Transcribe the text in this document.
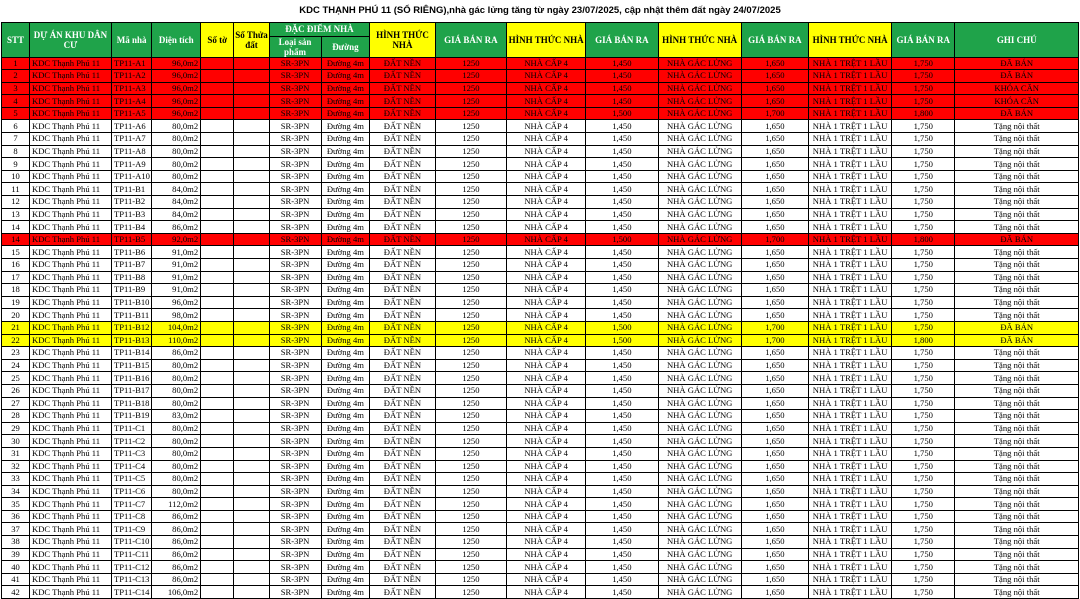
KDC THẠNH PHÚ 11 (SỔ RIÊNG),nhà gác lửng tăng từ ngày 23/07/2025, cập nhật thêm đất ngày 24/07/2025
STT	DỰ ÁN KHU DÂN CƯ	Mã nhà	Diện tích	Số tờ	Số Thửa đất	ĐẶC ĐIỂM NHÀ		HÌNH THỨC NHÀ	GIÁ BÁN RA	HÌNH THỨC NHÀ	GIÁ BÁN RA	HÌNH THỨC NHÀ	GIÁ BÁN RA	HÌNH THỨC NHÀ	GIÁ BÁN RA	GHI CHÚ
						Loại sản phẩm	Đường									
1	KDC Thạnh Phú 11	TP11-A1	96,0m2			SR-3PN	Đường 4m	ĐẤT NỀN	1250	NHÀ CẤP 4	1,450	NHÀ GÁC LỬNG	1,650	NHÀ 1 TRỆT 1 LẦU	1,750	ĐÃ BÁN
2	KDC Thạnh Phú 11	TP11-A2	96,0m2			SR-3PN	Đường 4m	ĐẤT NỀN	1250	NHÀ CẤP 4	1,450	NHÀ GÁC LỬNG	1,650	NHÀ 1 TRỆT 1 LẦU	1,750	ĐÃ BÁN
3	KDC Thạnh Phú 11	TP11-A3	96,0m2			SR-3PN	Đường 4m	ĐẤT NỀN	1250	NHÀ CẤP 4	1,450	NHÀ GÁC LỬNG	1,650	NHÀ 1 TRỆT 1 LẦU	1,750	KHÓA CĂN
4	KDC Thạnh Phú 11	TP11-A4	96,0m2			SR-3PN	Đường 4m	ĐẤT NỀN	1250	NHÀ CẤP 4	1,450	NHÀ GÁC LỬNG	1,650	NHÀ 1 TRỆT 1 LẦU	1,750	KHÓA CĂN
5	KDC Thạnh Phú 11	TP11-A5	96,0m2			SR-3PN	Đường 4m	ĐẤT NỀN	1250	NHÀ CẤP 4	1,500	NHÀ GÁC LỬNG	1,700	NHÀ 1 TRỆT 1 LẦU	1,800	ĐÃ BÁN
6	KDC Thạnh Phú 11	TP11-A6	80,0m2			SR-3PN	Đường 4m	ĐẤT NỀN	1250	NHÀ CẤP 4	1,450	NHÀ GÁC LỬNG	1,650	NHÀ 1 TRỆT 1 LẦU	1,750	Tặng nội thất
7	KDC Thạnh Phú 11	TP11-A7	80,0m2			SR-3PN	Đường 4m	ĐẤT NỀN	1250	NHÀ CẤP 4	1,450	NHÀ GÁC LỬNG	1,650	NHÀ 1 TRỆT 1 LẦU	1,750	Tặng nội thất
8	KDC Thạnh Phú 11	TP11-A8	80,0m2			SR-3PN	Đường 4m	ĐẤT NỀN	1250	NHÀ CẤP 4	1,450	NHÀ GÁC LỬNG	1,650	NHÀ 1 TRỆT 1 LẦU	1,750	Tặng nội thất
9	KDC Thạnh Phú 11	TP11-A9	80,0m2			SR-3PN	Đường 4m	ĐẤT NỀN	1250	NHÀ CẤP 4	1,450	NHÀ GÁC LỬNG	1,650	NHÀ 1 TRỆT 1 LẦU	1,750	Tặng nội thất
10	KDC Thạnh Phú 11	TP11-A10	80,0m2			SR-3PN	Đường 4m	ĐẤT NỀN	1250	NHÀ CẤP 4	1,450	NHÀ GÁC LỬNG	1,650	NHÀ 1 TRỆT 1 LẦU	1,750	Tặng nội thất
11	KDC Thạnh Phú 11	TP11-B1	84,0m2			SR-3PN	Đường 4m	ĐẤT NỀN	1250	NHÀ CẤP 4	1,450	NHÀ GÁC LỬNG	1,650	NHÀ 1 TRỆT 1 LẦU	1,750	Tặng nội thất
12	KDC Thạnh Phú 11	TP11-B2	84,0m2			SR-3PN	Đường 4m	ĐẤT NỀN	1250	NHÀ CẤP 4	1,450	NHÀ GÁC LỬNG	1,650	NHÀ 1 TRỆT 1 LẦU	1,750	Tặng nội thất
13	KDC Thạnh Phú 11	TP11-B3	84,0m2			SR-3PN	Đường 4m	ĐẤT NỀN	1250	NHÀ CẤP 4	1,450	NHÀ GÁC LỬNG	1,650	NHÀ 1 TRỆT 1 LẦU	1,750	Tặng nội thất
14	KDC Thạnh Phú 11	TP11-B4	86,0m2			SR-3PN	Đường 4m	ĐẤT NỀN	1250	NHÀ CẤP 4	1,450	NHÀ GÁC LỬNG	1,650	NHÀ 1 TRỆT 1 LẦU	1,750	Tặng nội thất
14	KDC Thạnh Phú 11	TP11-B5	92,0m2			SR-3PN	Đường 4m	ĐẤT NỀN	1250	NHÀ CẤP 4	1,500	NHÀ GÁC LỬNG	1,700	NHÀ 1 TRỆT 1 LẦU	1,800	ĐÃ BÁN
15	KDC Thạnh Phú 11	TP11-B6	91,0m2			SR-3PN	Đường 4m	ĐẤT NỀN	1250	NHÀ CẤP 4	1,450	NHÀ GÁC LỬNG	1,650	NHÀ 1 TRỆT 1 LẦU	1,750	Tặng nội thất
16	KDC Thạnh Phú 11	TP11-B7	91,0m2			SR-3PN	Đường 4m	ĐẤT NỀN	1250	NHÀ CẤP 4	1,450	NHÀ GÁC LỬNG	1,650	NHÀ 1 TRỆT 1 LẦU	1,750	Tặng nội thất
17	KDC Thạnh Phú 11	TP11-B8	91,0m2			SR-3PN	Đường 4m	ĐẤT NỀN	1250	NHÀ CẤP 4	1,450	NHÀ GÁC LỬNG	1,650	NHÀ 1 TRỆT 1 LẦU	1,750	Tặng nội thất
18	KDC Thạnh Phú 11	TP11-B9	91,0m2			SR-3PN	Đường 4m	ĐẤT NỀN	1250	NHÀ CẤP 4	1,450	NHÀ GÁC LỬNG	1,650	NHÀ 1 TRỆT 1 LẦU	1,750	Tặng nội thất
19	KDC Thạnh Phú 11	TP11-B10	96,0m2			SR-3PN	Đường 4m	ĐẤT NỀN	1250	NHÀ CẤP 4	1,450	NHÀ GÁC LỬNG	1,650	NHÀ 1 TRỆT 1 LẦU	1,750	Tặng nội thất
20	KDC Thạnh Phú 11	TP11-B11	98,0m2			SR-3PN	Đường 4m	ĐẤT NỀN	1250	NHÀ CẤP 4	1,450	NHÀ GÁC LỬNG	1,650	NHÀ 1 TRỆT 1 LẦU	1,750	Tặng nội thất
21	KDC Thạnh Phú 11	TP11-B12	104,0m2			SR-3PN	Đường 4m	ĐẤT NỀN	1250	NHÀ CẤP 4	1,500	NHÀ GÁC LỬNG	1,700	NHÀ 1 TRỆT 1 LẦU	1,750	ĐÃ BÁN
22	KDC Thạnh Phú 11	TP11-B13	110,0m2			SR-3PN	Đường 4m	ĐẤT NỀN	1250	NHÀ CẤP 4	1,500	NHÀ GÁC LỬNG	1,700	NHÀ 1 TRỆT 1 LẦU	1,800	ĐÃ BÁN
23	KDC Thạnh Phú 11	TP11-B14	86,0m2			SR-3PN	Đường 4m	ĐẤT NỀN	1250	NHÀ CẤP 4	1,450	NHÀ GÁC LỬNG	1,650	NHÀ 1 TRỆT 1 LẦU	1,750	Tặng nội thất
24	KDC Thạnh Phú 11	TP11-B15	80,0m2			SR-3PN	Đường 4m	ĐẤT NỀN	1250	NHÀ CẤP 4	1,450	NHÀ GÁC LỬNG	1,650	NHÀ 1 TRỆT 1 LẦU	1,750	Tặng nội thất
25	KDC Thạnh Phú 11	TP11-B16	80,0m2			SR-3PN	Đường 4m	ĐẤT NỀN	1250	NHÀ CẤP 4	1,450	NHÀ GÁC LỬNG	1,650	NHÀ 1 TRỆT 1 LẦU	1,750	Tặng nội thất
26	KDC Thạnh Phú 11	TP11-B17	80,0m2			SR-3PN	Đường 4m	ĐẤT NỀN	1250	NHÀ CẤP 4	1,450	NHÀ GÁC LỬNG	1,650	NHÀ 1 TRỆT 1 LẦU	1,750	Tặng nội thất
27	KDC Thạnh Phú 11	TP11-B18	80,0m2			SR-3PN	Đường 4m	ĐẤT NỀN	1250	NHÀ CẤP 4	1,450	NHÀ GÁC LỬNG	1,650	NHÀ 1 TRỆT 1 LẦU	1,750	Tặng nội thất
28	KDC Thạnh Phú 11	TP11-B19	83,0m2			SR-3PN	Đường 4m	ĐẤT NỀN	1250	NHÀ CẤP 4	1,450	NHÀ GÁC LỬNG	1,650	NHÀ 1 TRỆT 1 LẦU	1,750	Tặng nội thất
29	KDC Thạnh Phú 11	TP11-C1	80,0m2			SR-3PN	Đường 4m	ĐẤT NỀN	1250	NHÀ CẤP 4	1,450	NHÀ GÁC LỬNG	1,650	NHÀ 1 TRỆT 1 LẦU	1,750	Tặng nội thất
30	KDC Thạnh Phú 11	TP11-C2	80,0m2			SR-3PN	Đường 4m	ĐẤT NỀN	1250	NHÀ CẤP 4	1,450	NHÀ GÁC LỬNG	1,650	NHÀ 1 TRỆT 1 LẦU	1,750	Tặng nội thất
31	KDC Thạnh Phú 11	TP11-C3	80,0m2			SR-3PN	Đường 4m	ĐẤT NỀN	1250	NHÀ CẤP 4	1,450	NHÀ GÁC LỬNG	1,650	NHÀ 1 TRỆT 1 LẦU	1,750	Tặng nội thất
32	KDC Thạnh Phú 11	TP11-C4	80,0m2			SR-3PN	Đường 4m	ĐẤT NỀN	1250	NHÀ CẤP 4	1,450	NHÀ GÁC LỬNG	1,650	NHÀ 1 TRỆT 1 LẦU	1,750	Tặng nội thất
33	KDC Thạnh Phú 11	TP11-C5	80,0m2			SR-3PN	Đường 4m	ĐẤT NỀN	1250	NHÀ CẤP 4	1,450	NHÀ GÁC LỬNG	1,650	NHÀ 1 TRỆT 1 LẦU	1,750	Tặng nội thất
34	KDC Thạnh Phú 11	TP11-C6	80,0m2			SR-3PN	Đường 4m	ĐẤT NỀN	1250	NHÀ CẤP 4	1,450	NHÀ GÁC LỬNG	1,650	NHÀ 1 TRỆT 1 LẦU	1,750	Tặng nội thất
35	KDC Thạnh Phú 11	TP11-C7	112,0m2			SR-3PN	Đường 4m	ĐẤT NỀN	1250	NHÀ CẤP 4	1,450	NHÀ GÁC LỬNG	1,650	NHÀ 1 TRỆT 1 LẦU	1,750	Tặng nội thất
36	KDC Thạnh Phú 11	TP11-C8	86,0m2			SR-3PN	Đường 4m	ĐẤT NỀN	1250	NHÀ CẤP 4	1,450	NHÀ GÁC LỬNG	1,650	NHÀ 1 TRỆT 1 LẦU	1,750	Tặng nội thất
37	KDC Thạnh Phú 11	TP11-C9	86,0m2			SR-3PN	Đường 4m	ĐẤT NỀN	1250	NHÀ CẤP 4	1,450	NHÀ GÁC LỬNG	1,650	NHÀ 1 TRỆT 1 LẦU	1,750	Tặng nội thất
38	KDC Thạnh Phú 11	TP11-C10	86,0m2			SR-3PN	Đường 4m	ĐẤT NỀN	1250	NHÀ CẤP 4	1,450	NHÀ GÁC LỬNG	1,650	NHÀ 1 TRỆT 1 LẦU	1,750	Tặng nội thất
39	KDC Thạnh Phú 11	TP11-C11	86,0m2			SR-3PN	Đường 4m	ĐẤT NỀN	1250	NHÀ CẤP 4	1,450	NHÀ GÁC LỬNG	1,650	NHÀ 1 TRỆT 1 LẦU	1,750	Tặng nội thất
40	KDC Thạnh Phú 11	TP11-C12	86,0m2			SR-3PN	Đường 4m	ĐẤT NỀN	1250	NHÀ CẤP 4	1,450	NHÀ GÁC LỬNG	1,650	NHÀ 1 TRỆT 1 LẦU	1,750	Tặng nội thất
41	KDC Thạnh Phú 11	TP11-C13	86,0m2			SR-3PN	Đường 4m	ĐẤT NỀN	1250	NHÀ CẤP 4	1,450	NHÀ GÁC LỬNG	1,650	NHÀ 1 TRỆT 1 LẦU	1,750	Tặng nội thất
42	KDC Thạnh Phú 11	TP11-C14	106,0m2			SR-3PN	Đường 4m	ĐẤT NỀN	1250	NHÀ CẤP 4	1,450	NHÀ GÁC LỬNG	1,650	NHÀ 1 TRỆT 1 LẦU	1,750	Tặng nội thất
